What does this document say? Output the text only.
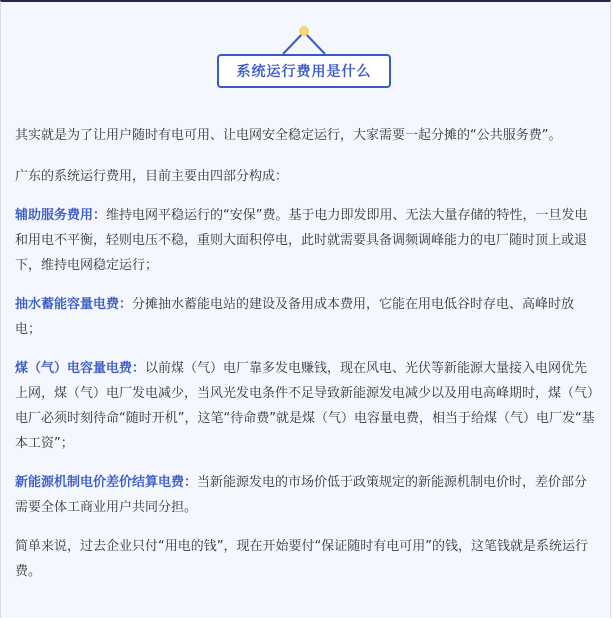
系统运行费用是什么

其实就是为了让用户随时有电可用、让电网安全稳定运行，大家需要一起分摊的“公共服务费”。

广东的系统运行费用，目前主要由四部分构成：

辅助服务费用：维持电网平稳运行的“安保”费。基于电力即发即用、无法大量存储的特性，一旦发电和用电不平衡，轻则电压不稳，重则大面积停电，此时就需要具备调频调峰能力的电厂随时顶上或退下，维持电网稳定运行；

抽水蓄能容量电费：分摊抽水蓄能电站的建设及备用成本费用，它能在用电低谷时存电、高峰时放电；

煤（气）电容量电费：以前煤（气）电厂靠多发电赚钱，现在风电、光伏等新能源大量接入电网优先上网，煤（气）电厂发电减少，当风光发电条件不足导致新能源发电减少以及用电高峰期时，煤（气）电厂必须时刻待命“随时开机”，这笔“待命费”就是煤（气）电容量电费，相当于给煤（气）电厂发“基本工资”；

新能源机制电价差价结算电费：当新能源发电的市场价低于政策规定的新能源机制电价时，差价部分需要全体工商业用户共同分担。

简单来说，过去企业只付“用电的钱”，现在开始要付“保证随时有电可用”的钱，这笔钱就是系统运行费。
